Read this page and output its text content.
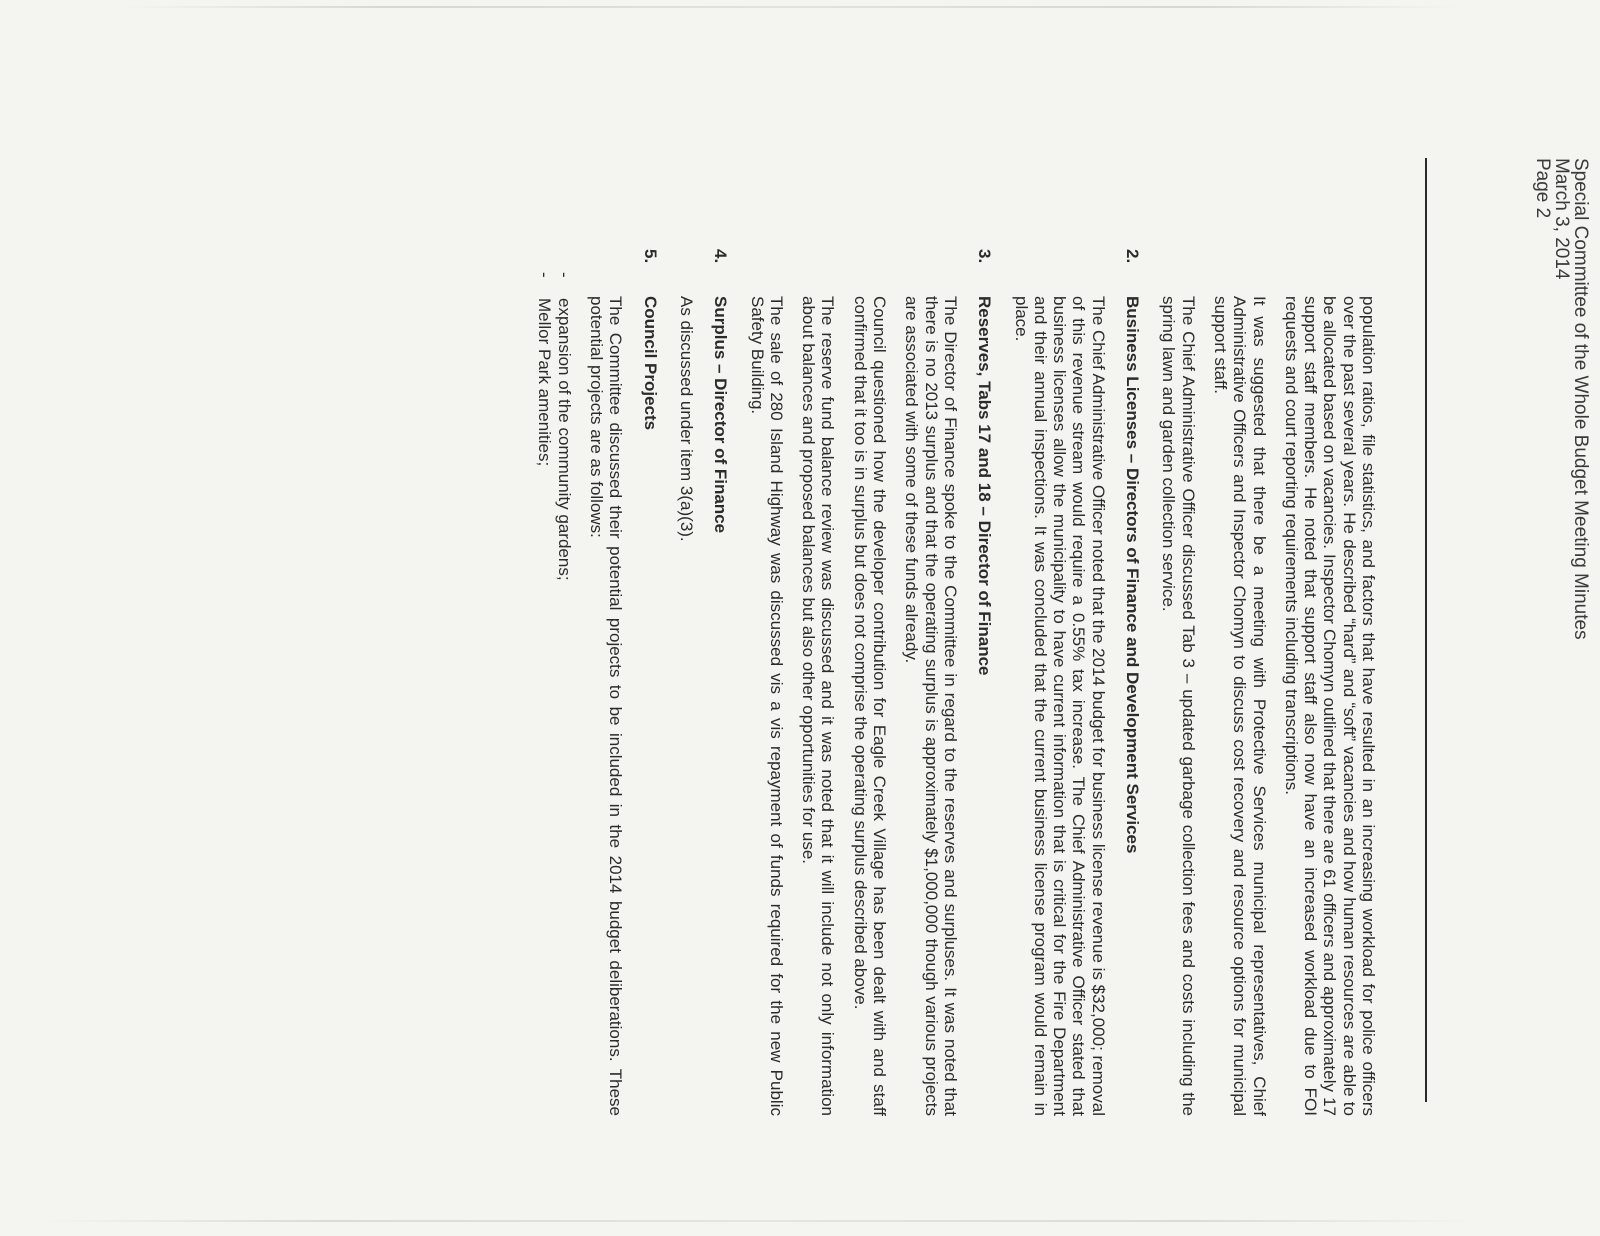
Special Committee of the Whole Budget Meeting Minutes
March 3, 2014
Page 2

population ratios, file statistics, and factors that have resulted in an increasing workload for police officers over the past several years. He described “hard” and “soft” vacancies and how human resources are able to be allocated based on vacancies. Inspector Chomyn outlined that there are 61 officers and approximately 17 support staff members. He noted that support staff also now have an increased workload due to FOI requests and court reporting requirements including transcriptions.

It was suggested that there be a meeting with Protective Services municipal representatives, Chief Administrative Officers and Inspector Chomyn to discuss cost recovery and resource options for municipal support staff.

The Chief Administrative Officer discussed Tab 3 – updated garbage collection fees and costs including the spring lawn and garden collection service.

2.
Business Licenses – Directors of Finance and Development Services

The Chief Administrative Officer noted that the 2014 budget for business license revenue is $32,000; removal of this revenue stream would require a 0.55% tax increase. The Chief Administrative Officer stated that business licenses allow the municipality to have current information that is critical for the Fire Department and their annual inspections. It was concluded that the current business license program would remain in place.

3.
Reserves, Tabs 17 and 18 – Director of Finance

The Director of Finance spoke to the Committee in regard to the reserves and surpluses. It was noted that there is no 2013 surplus and that the operating surplus is approximately $1,000,000 though various projects are associated with some of these funds already.

Council questioned how the developer contribution for Eagle Creek Village has been dealt with and staff confirmed that it too is in surplus but does not comprise the operating surplus described above.

The reserve fund balance review was discussed and it was noted that it will include not only information about balances and proposed balances but also other opportunities for use.

The sale of 280 Island Highway was discussed vis a vis repayment of funds required for the new Public Safety Building.

4.
Surplus – Director of Finance

As discussed under item 3(a)(3).

5.
Council Projects

The Committee discussed their potential projects to be included in the 2014 budget deliberations. These potential projects are as follows:

-
expansion of the community gardens;
-
Mellor Park amenities;
